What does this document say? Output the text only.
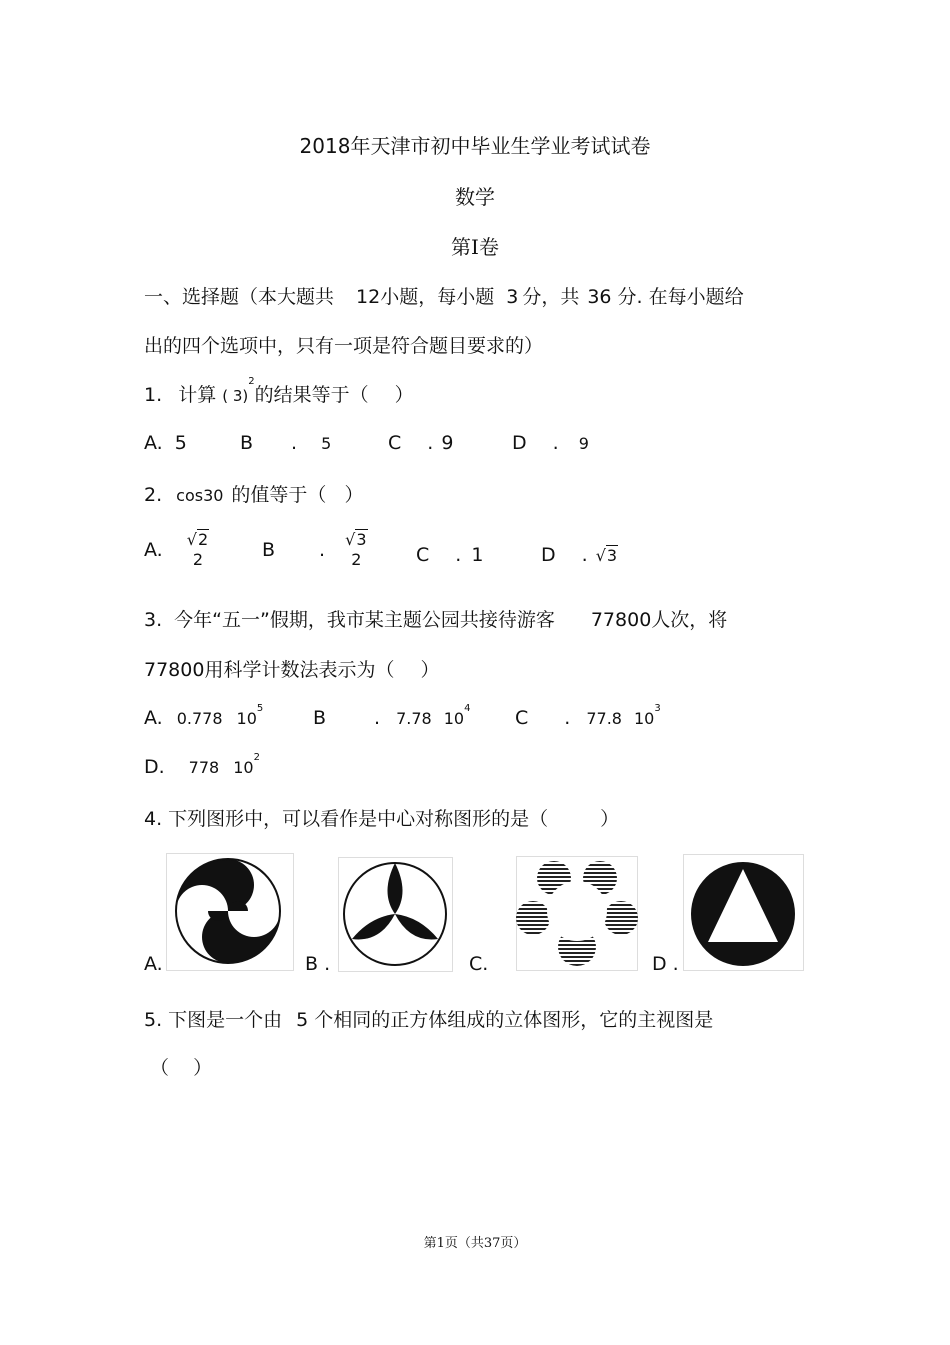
2018年天津市初中毕业生学业考试试卷
数学
第Ⅰ卷
一、选择题（本大题共 12小题，每小题 3 分，共 36 分. 在每小题给
出的四个选项中，只有一项是符合题目要求的）
1. 计算 ( 3)$^2$的结果等于（ ）
A. 5	B . 5	C . 9	D . 9
2. cos30 的值等于（ ）
A. √2
2	B . √3
2	C . 1	D . √3
3. 今年“五一”假期，我市某主题公园共接待游客 77800人次，将
77800用科学计数法表示为（ ）
A. 0.778 $10^5$	B	. 7.78 $10^4$ C . 77.8 $10^3$
D. 778 $10^2$
4. 下列图形中，可以看作是中心对称图形的是（	）
A.	B .	C.	D .
5. 下图是一个由 5 个相同的正方体组成的立体图形，它的主视图是
（    ）
第1页（共37页）
